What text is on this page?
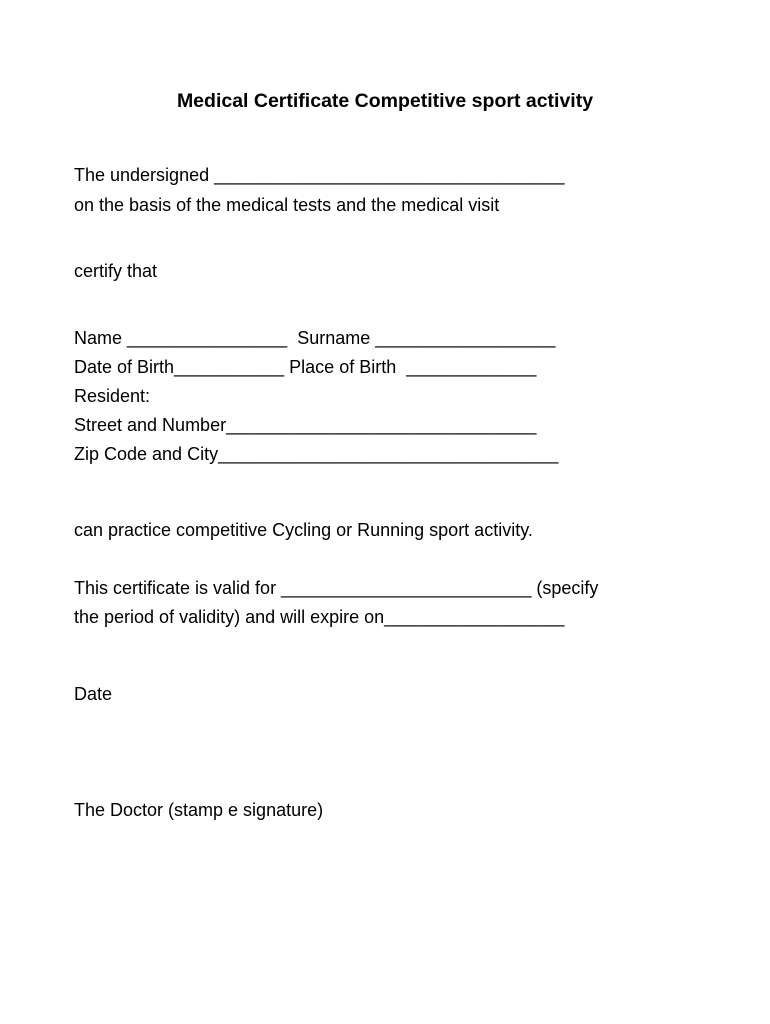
Medical Certificate Competitive sport activity
The undersigned ___________________________________
on the basis of the medical tests and the medical visit
certify that
Name ________________  Surname __________________
Date of Birth___________ Place of Birth  _____________
Resident:
Street and Number_______________________________
Zip Code and City__________________________________
can practice competitive Cycling or Running sport activity.
This certificate is valid for _________________________ (specify
the period of validity) and will expire on__________________
Date
The Doctor (stamp e signature)
